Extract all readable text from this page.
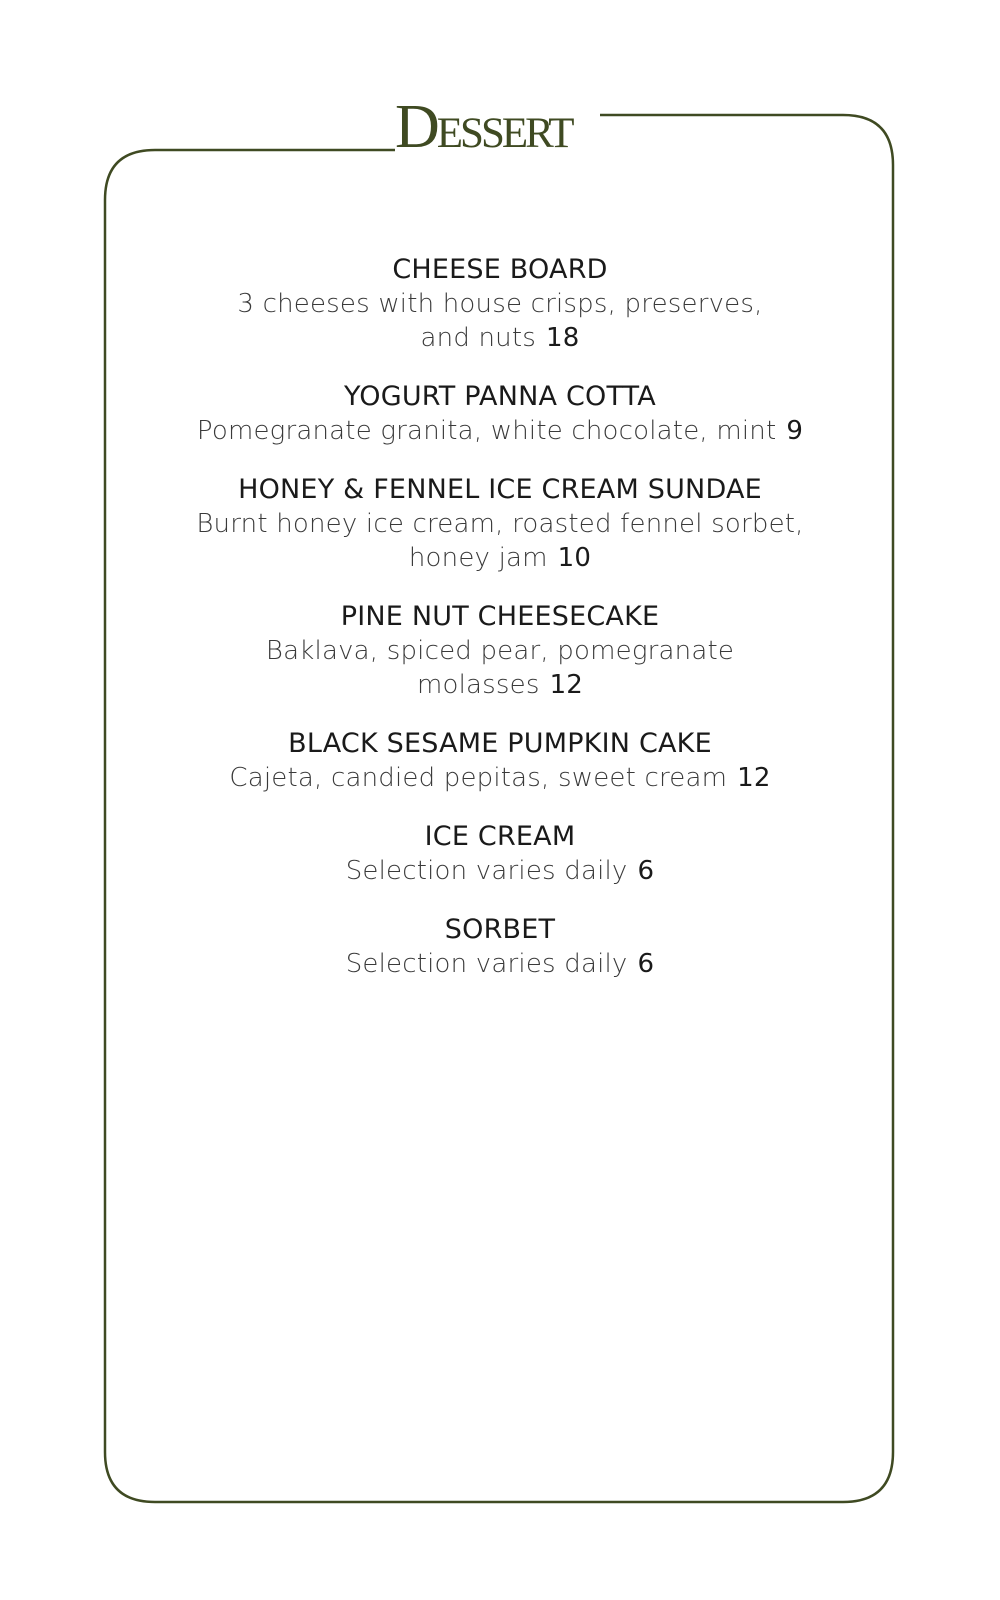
Dessert
CHEESE BOARD
3 cheeses with house crisps, preserves, and nuts 18
YOGURT PANNA COTTA
Pomegranate granita, white chocolate, mint 9
HONEY & FENNEL ICE CREAM SUNDAE
Burnt honey ice cream, roasted fennel sorbet, honey jam 10
PINE NUT CHEESECAKE
Baklava, spiced pear, pomegranate molasses 12
BLACK SESAME PUMPKIN CAKE
Cajeta, candied pepitas, sweet cream 12
ICE CREAM
Selection varies daily 6
SORBET
Selection varies daily 6
